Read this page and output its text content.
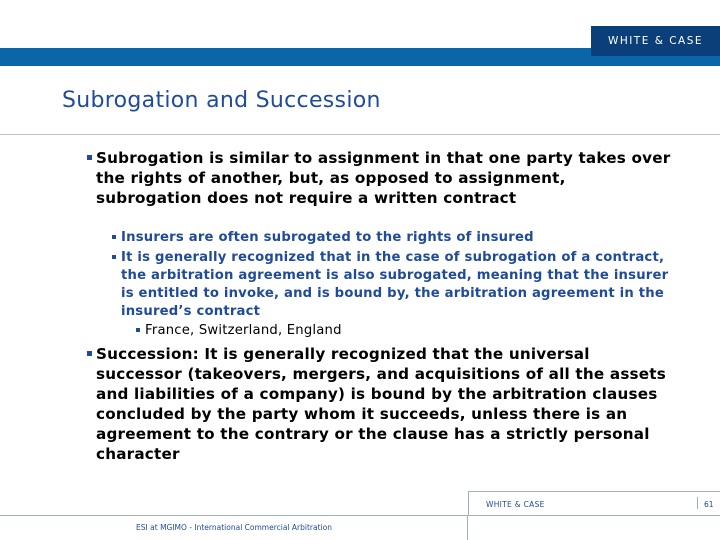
WHITE & CASE
Subrogation and Succession
Subrogation is similar to assignment in that one party takes over the rights of another, but, as opposed to assignment, subrogation does not require a written contract
Insurers are often subrogated to the rights of insured
It is generally recognized that in the case of subrogation of a contract, the arbitration agreement is also subrogated, meaning that the insurer is entitled to invoke, and is bound by, the arbitration agreement in the insured’s contract
France, Switzerland, England
Succession: It is generally recognized that the universal successor (takeovers, mergers, and acquisitions of all the assets and liabilities of a company) is bound by the arbitration clauses concluded by the party whom it succeeds, unless there is an agreement to the contrary or the clause has a strictly personal character
ESI at MGIMO - International Commercial Arbitration
WHITE & CASE	61
